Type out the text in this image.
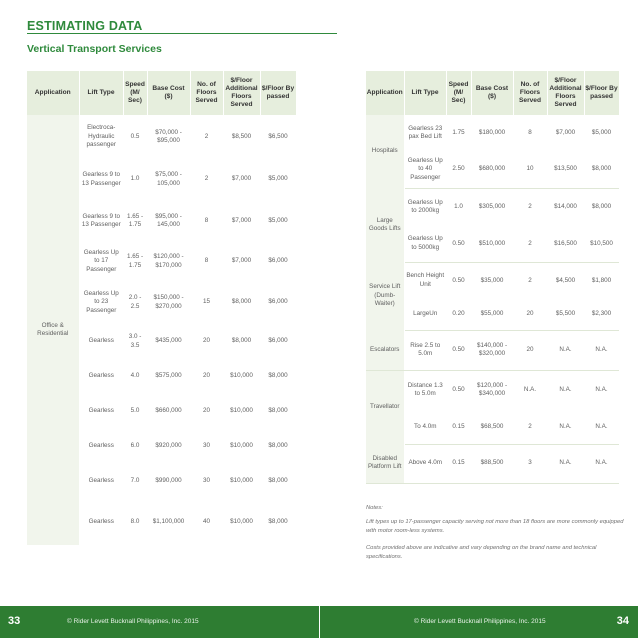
ESTIMATING DATA
Vertical Transport Services
Application	Lift Type	Speed (M/ Sec)	Base Cost ($)	No. of Floors Served	$/Floor Additional Floors Served	$/Floor By passed
Office & Residential	Electroca- Hydraulic passenger	0.5	$70,000 - $95,000	2	$8,500	$6,500
	Gearless 9 to 13 Passenger	1.0	$75,000 - 105,000	2	$7,000	$5,000
	Gearless 9 to 13 Passenger	1.65 - 1.75	$95,000 - 145,000	8	$7,000	$5,000
	Gearless Up to 17 Passenger	1.65 - 1.75	$120,000 - $170,000	8	$7,000	$6,000
	Gearless Up to 23 Passenger	2.0 - 2.5	$150,000 - $270,000	15	$8,000	$6,000
	Gearless	3.0 - 3.5	$435,000	20	$8,000	$6,000
	Gearless	4.0	$575,000	20	$10,000	$8,000
	Gearless	5.0	$660,000	20	$10,000	$8,000
	Gearless	6.0	$920,000	30	$10,000	$8,000
	Gearless	7.0	$990,000	30	$10,000	$8,000
	Gearless	8.0	$1,100,000	40	$10,000	$8,000
Application	Lift Type	Speed (M/ Sec)	Base Cost ($)	No. of Floors Served	$/Floor Additional Floors Served	$/Floor By passed
Hospitals	Gearless 23 pax Bed Lift	1.75	$180,000	8	$7,000	$5,000
	Gearless Up to 40 Passenger	2.50	$680,000	10	$13,500	$8,000
Large Goods Lifts	Gearless Up to 2000kg	1.0	$305,000	2	$14,000	$8,000
	Gearless Up to 5000kg	0.50	$510,000	2	$16,500	$10,500
Service Lift (Dumb- Waiter)	Bench Height Unit	0.50	$35,000	2	$4,500	$1,800
	LargeUn	0.20	$55,000	20	$5,500	$2,300
Escalators	Rise 2.5 to 5.0m	0.50	$140,000 - $320,000	20	N.A.	N.A.
Travellator	Distance 1.3 to 5.0m	0.50	$120,000 - $340,000	N.A.	N.A.	N.A.
	To 4.0m	0.15	$68,500	2	N.A.	N.A.
Disabled Platform Lift	Above 4.0m	0.15	$88,500	3	N.A.	N.A.
Notes:
Lift types up to 17-passenger capacity serving not more than 18 floors are more commonly equipped with motor room-less systems.
Costs provided above are indicative and vary depending on the brand name and technical specifications.
33	© Rider Levett Bucknall Philippines, Inc. 2015	© Rider Levett Bucknall Philippines, Inc. 2015	34
